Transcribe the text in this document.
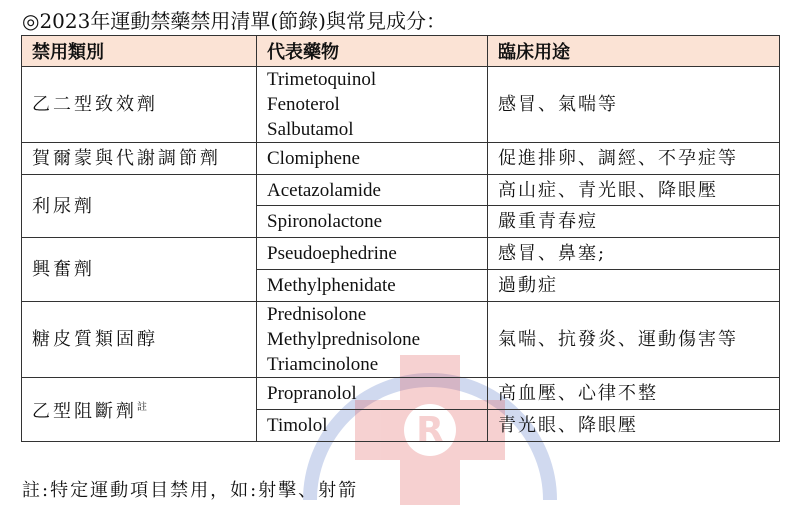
R
◎2023年運動禁藥禁用清單(節錄)與常見成分：
禁用類別	代表藥物	臨床用途
乙二型致效劑	Trimetoquinol
Fenoterol
Salbutamol	感冒、氣喘等
賀爾蒙與代謝調節劑	Clomiphene	促進排卵、調經、不孕症等
利尿劑	Acetazolamide	高山症、青光眼、降眼壓

	Spironolactone	嚴重青春痘
興奮劑	Pseudoephedrine	感冒、鼻塞;

	Methylphenidate	過動症
糖皮質類固醇	Prednisolone
Methylprednisolone
Triamcinolone	氣喘、抗發炎、運動傷害等
乙型阻斷劑$^註$	Propranolol	高血壓、心律不整

	Timolol	青光眼、降眼壓
註:特定運動項目禁用，如:射擊、射箭
